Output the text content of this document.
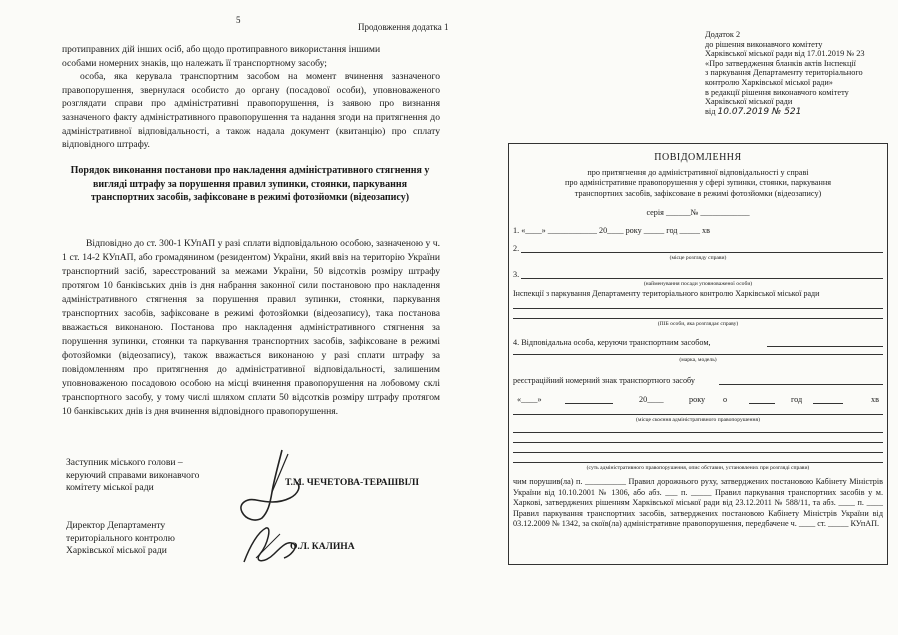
5
Продовження додатка 1

протиправних дій інших осіб, або щодо протиправного використання іншими

особами номерних знаків, що належать її транспортному засобу;

особа, яка керувала транспортним засобом на момент вчинення зазначеного правопорушення, звернулася особисто до органу (посадової особи), уповноваженого розглядати справи про адміністративні правопорушення, із заявою про визнання зазначеного факту адміністративного правопорушення та надання згоди на притягнення до адміністративної відповідальності, а також надала документ (квитанцію) про сплату відповідного штрафу.

Порядок виконання постанови про накладення адміністративного стягнення у вигляді штрафу за порушення правил зупинки, стоянки, паркування транспортних засобів, зафіксоване в режимі фотозйомки (відеозапису)
Відповідно до ст. 300-1 КУпАП у разі сплати відповідальною особою, зазначеною у ч. 1 ст. 14-2 КУпАП, або громадянином (резидентом) України, який ввіз на територію України транспортний засіб, зареєстрований за межами України, 50 відсотків розміру штрафу протягом 10 банківських днів із дня набрання законної сили постановою про накладення адміністративного стягнення за порушення правил зупинки, стоянки, паркування транспортних засобів, зафіксоване в режимі фотозйомки (відеозапису), така постанова вважається виконаною. Постанова про накладення адміністративного стягнення за порушення зупинки, стоянки та паркування транспортних засобів, зафіксоване в режимі фотозйомки (відеозапису), також вважається виконаною у разі сплати штрафу за повідомленням про притягнення до адміністративної відповідальності, залишеним уповноваженою посадовою особою на місці вчинення правопорушення на лобовому склі транспортного засобу, у тому числі шляхом сплати 50 відсотків розміру штрафу протягом 10 банківських днів із дня вчинення відповідного правопорушення.
Заступник міського голови –
керуючий справами виконавчого
комітету міської ради	Т.М. ЧЕЧЕТОВА-ТЕРАШВІЛІ
Директор Департаменту
територіального контролю
Харківської міської ради	О.Л. КАЛИНА
Додаток 2
до рішення виконавчого комітету
Харківської міської ради від 17.01.2019 № 23
«Про затвердження бланків актів Інспекції
з паркування Департаменту територіального
контролю Харківської міської ради»
в редакції рішення виконавчого комітету
Харківської міської ради
від 10.07.2019 № 521
ПОВІДОМЛЕННЯ
про притягнення до адміністративної відповідальності у справі
про адміністративне правопорушення у сфері зупинки, стоянки, паркування
транспортних засобів, зафіксоване в режимі фотозйомки (відеозапису)
серія ______№ ____________
1. «____» ____________ 20____ року _____ год _____ хв
2.
(місце розгляду справи)
3.
(найменування посади уповноваженої особи)
Інспекції з паркування Департаменту територіального контролю Харківської міської ради
(ПІБ особи, яка розглядає справу)
4. Відповідальна особа, керуючи транспортним засобом,
(марка, модель)
реєстраційний номерний знак транспортного засобу
«____»	20____	року о	год	хв
(місце скоєння адміністративного правопорушення)
(суть адміністративного правопорушення, опис обставин, установлених при розгляді справи)
чим порушив(ла) п. __________ Правил дорожнього руху, затверджених постановою Кабінету Міністрів України від 10.10.2001 № 1306, або абз. ___ п. _____ Правил паркування транспортних засобів у м. Харкові, затверджених рішенням Харківської міської ради від 23.12.2011 № 588/11, та абз. ____ п. ____ Правил паркування транспортних засобів, затверджених постановою Кабінету Міністрів України від 03.12.2009 № 1342, за скоїв(ла) адміністративне правопорушення, передбачене ч. ____ ст. _____ КУпАП.
